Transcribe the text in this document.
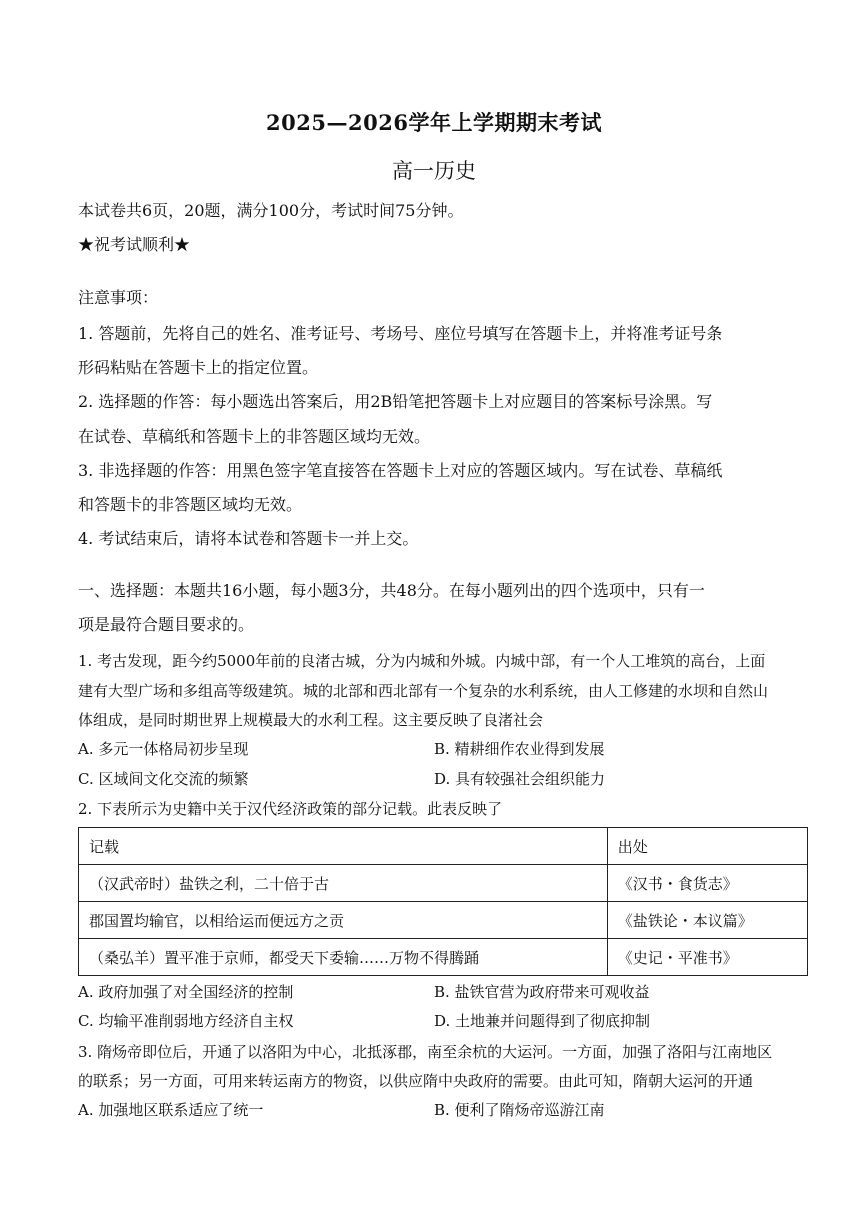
2025—2026学年上学期期末考试
高一历史
本试卷共6页，20题，满分100分，考试时间75分钟。
★祝考试顺利★
注意事项：
1. 答题前，先将自己的姓名、准考证号、考场号、座位号填写在答题卡上，并将准考证号条
形码粘贴在答题卡上的指定位置。
2. 选择题的作答：每小题选出答案后，用2B铅笔把答题卡上对应题目的答案标号涂黑。写
在试卷、草稿纸和答题卡上的非答题区域均无效。
3. 非选择题的作答：用黑色签字笔直接答在答题卡上对应的答题区域内。写在试卷、草稿纸
和答题卡的非答题区域均无效。
4. 考试结束后，请将本试卷和答题卡一并上交。
一、选择题：本题共16小题，每小题3分，共48分。在每小题列出的四个选项中，只有一
项是最符合题目要求的。
1. 考古发现，距今约5000年前的良渚古城，分为内城和外城。内城中部，有一个人工堆筑的高台，上面
建有大型广场和多组高等级建筑。城的北部和西北部有一个复杂的水利系统，由人工修建的水坝和自然山
体组成，是同时期世界上规模最大的水利工程。这主要反映了良渚社会
A. 多元一体格局初步呈现	B. 精耕细作农业得到发展
C. 区域间文化交流的频繁	D. 具有较强社会组织能力
2. 下表所示为史籍中关于汉代经济政策的部分记载。此表反映了
记载	出处
（汉武帝时）盐铁之利，二十倍于古	《汉书・食货志》
郡国置均输官，以相给运而便远方之贡	《盐铁论・本议篇》
（桑弘羊）置平准于京师，都受天下委输……万物不得腾踊	《史记・平准书》
A. 政府加强了对全国经济的控制	B. 盐铁官营为政府带来可观收益
C. 均输平准削弱地方经济自主权	D. 土地兼并问题得到了彻底抑制
3. 隋炀帝即位后，开通了以洛阳为中心，北抵涿郡，南至余杭的大运河。一方面，加强了洛阳与江南地区
的联系；另一方面，可用来转运南方的物资，以供应隋中央政府的需要。由此可知，隋朝大运河的开通
A. 加强地区联系适应了统一	B. 便利了隋炀帝巡游江南
